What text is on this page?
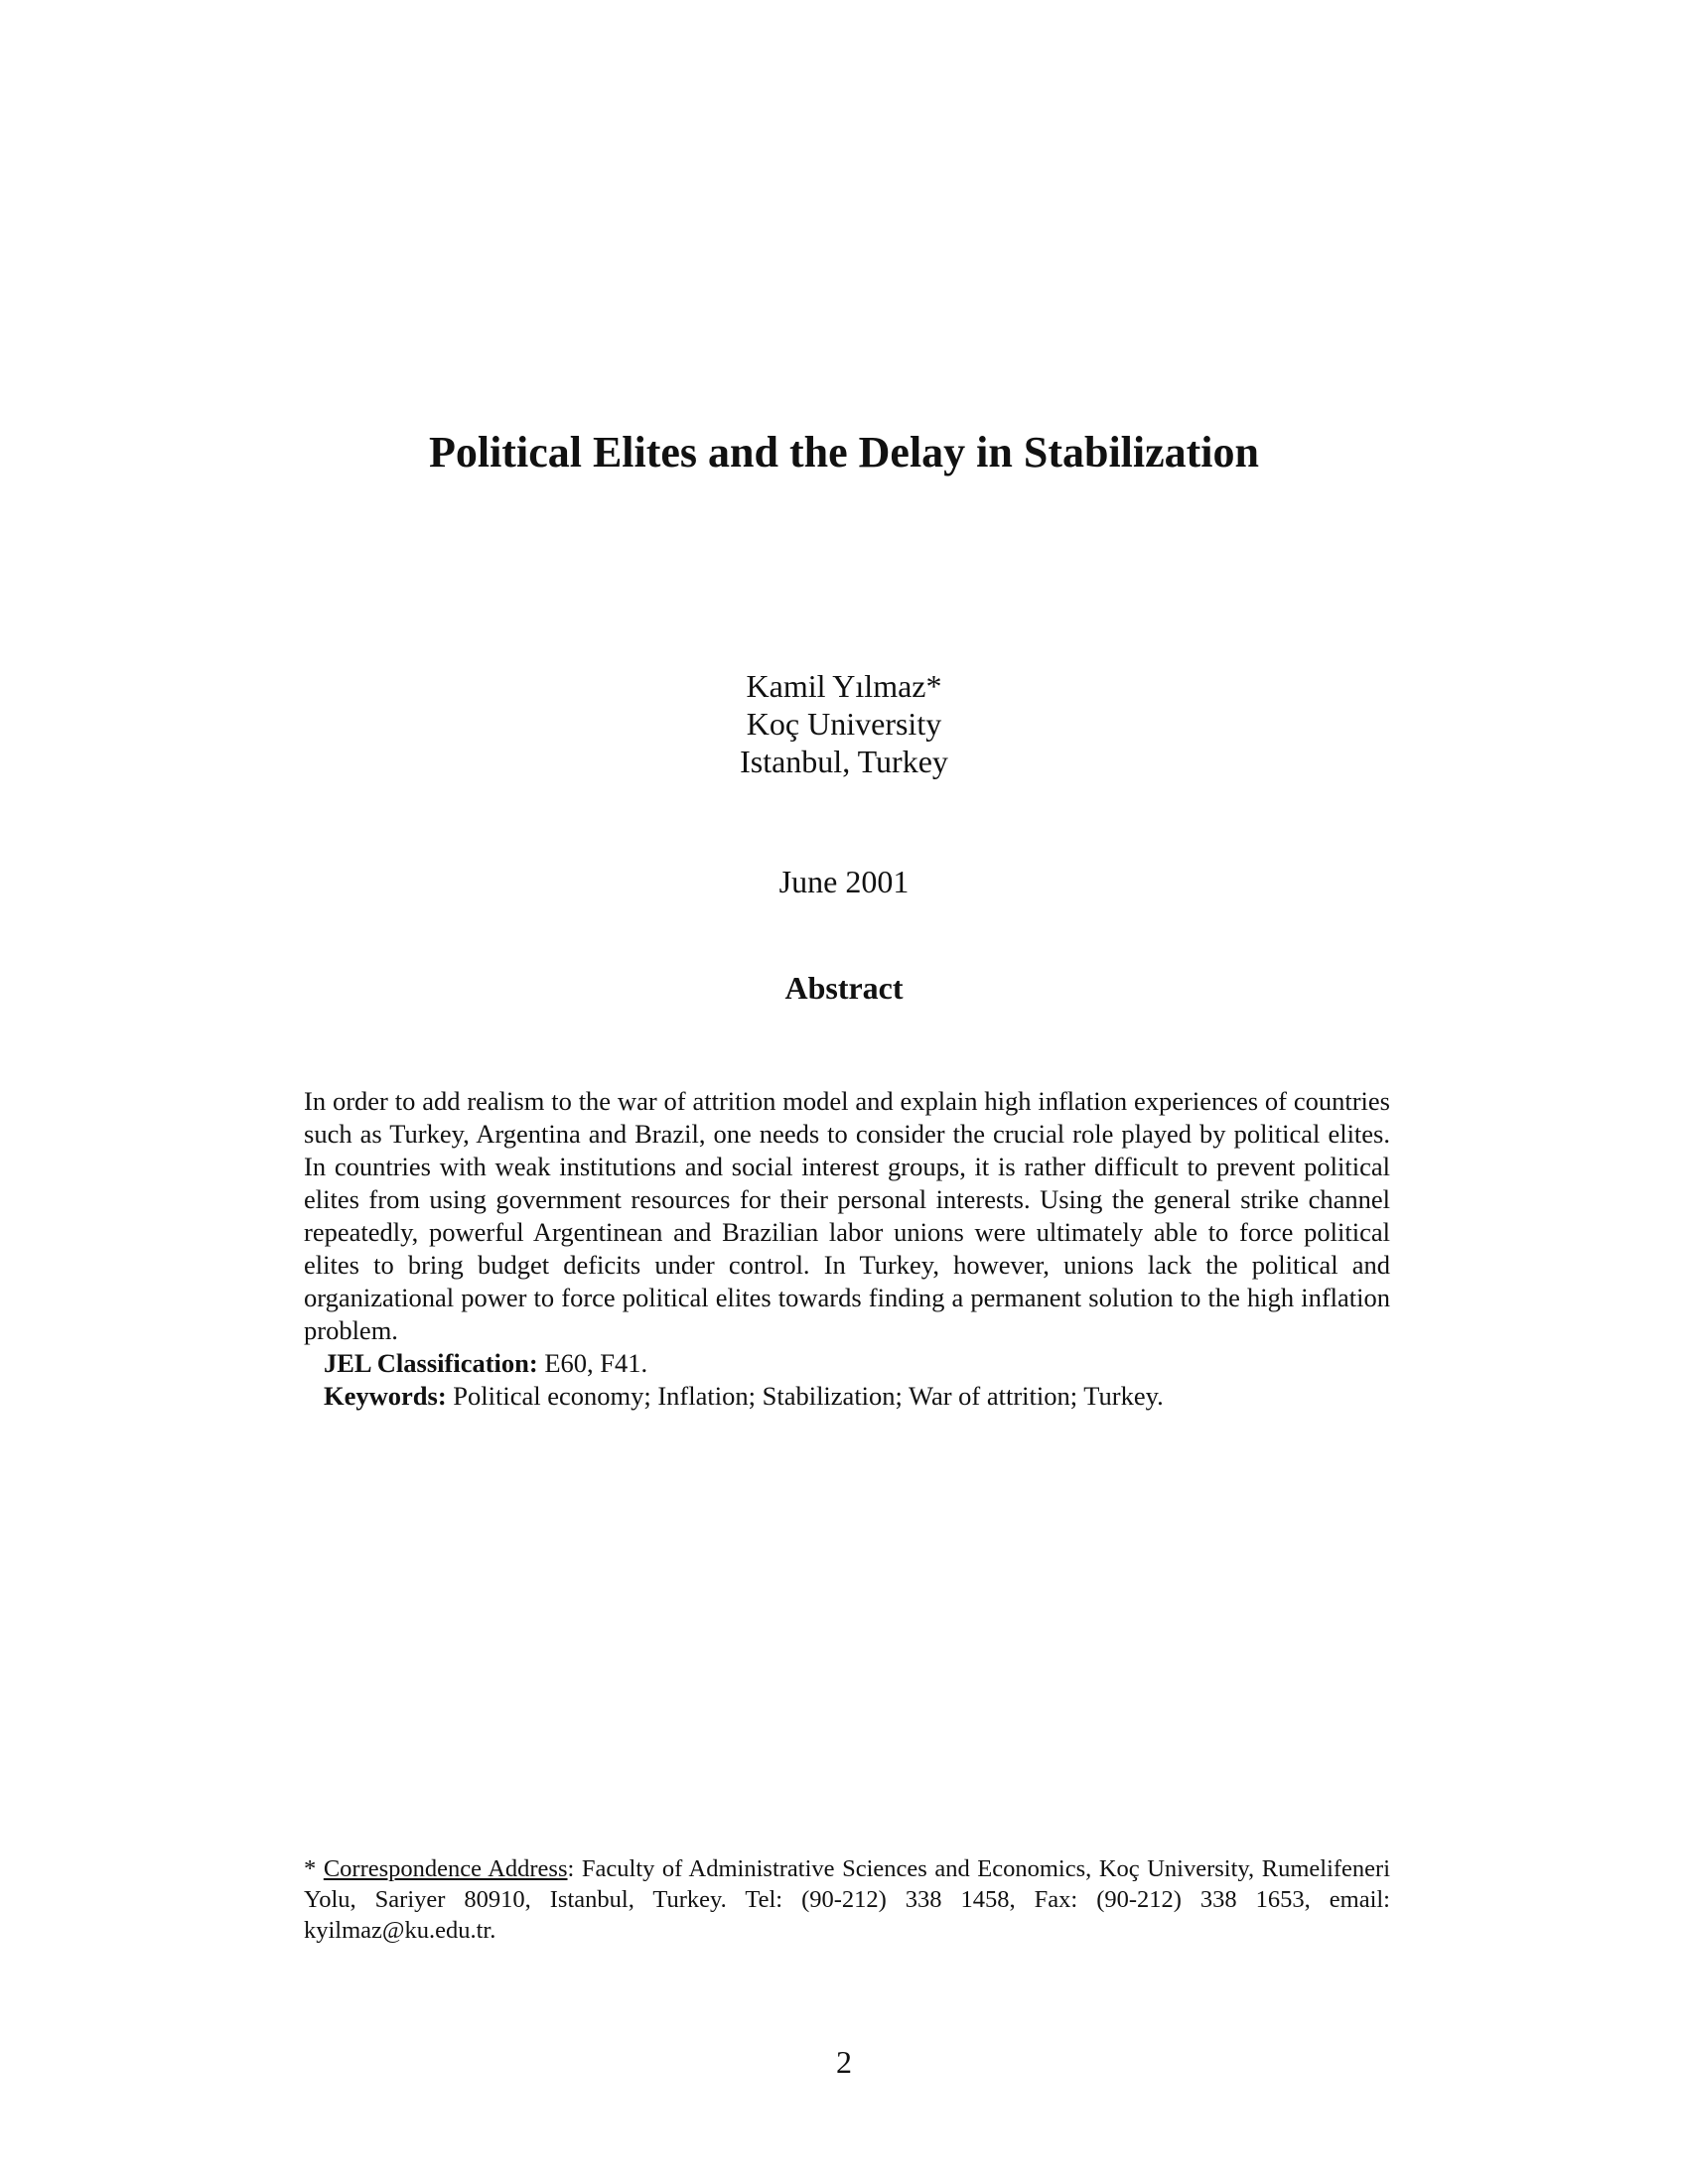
Political Elites and the Delay in Stabilization
Kamil Yılmaz*
Koç University
Istanbul, Turkey
June 2001
Abstract

In order to add realism to the war of attrition model and explain high inflation experiences of countries such as Turkey, Argentina and Brazil, one needs to consider the crucial role played by political elites. In countries with weak institutions and social interest groups, it is rather difficult to prevent political elites from using government resources for their personal interests. Using the general strike channel repeatedly, powerful Argentinean and Brazilian labor unions were ultimately able to force political elites to bring budget deficits under control. In Turkey, however, unions lack the political and organizational power to force political elites towards finding a permanent solution to the high inflation problem.

JEL Classification: E60, F41.
Keywords: Political economy; Inflation; Stabilization; War of attrition; Turkey.

* Correspondence Address: Faculty of Administrative Sciences and Economics, Koç University, Rumelifeneri Yolu, Sariyer 80910, Istanbul, Turkey. Tel: (90-212) 338 1458, Fax: (90-212) 338 1653, email: kyilmaz@ku.edu.tr.

2
